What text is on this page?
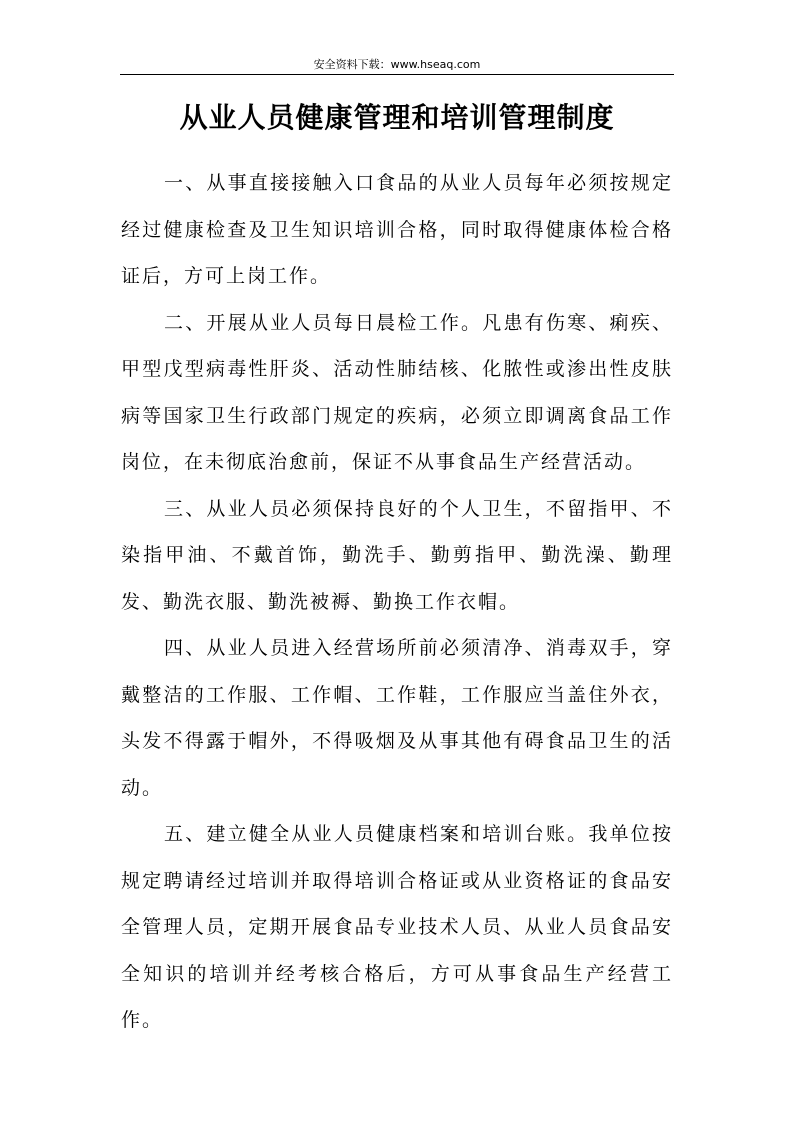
安全资料下载：www.hseaq.com
从业人员健康管理和培训管理制度

一、从事直接接触入口食品的从业人员每年必须按规定经过健康检查及卫生知识培训合格，同时取得健康体检合格证后，方可上岗工作。

二、开展从业人员每日晨检工作。凡患有伤寒、痢疾、甲型戊型病毒性肝炎、活动性肺结核、化脓性或渗出性皮肤病等国家卫生行政部门规定的疾病，必须立即调离食品工作岗位，在未彻底治愈前，保证不从事食品生产经营活动。

三、从业人员必须保持良好的个人卫生，不留指甲、不染指甲油、不戴首饰，勤洗手、勤剪指甲、勤洗澡、勤理发、勤洗衣服、勤洗被褥、勤换工作衣帽。

四、从业人员进入经营场所前必须清净、消毒双手，穿戴整洁的工作服、工作帽、工作鞋，工作服应当盖住外衣，头发不得露于帽外，不得吸烟及从事其他有碍食品卫生的活动。

五、建立健全从业人员健康档案和培训台账。我单位按规定聘请经过培训并取得培训合格证或从业资格证的食品安全管理人员，定期开展食品专业技术人员、从业人员食品安全知识的培训并经考核合格后，方可从事食品生产经营工作。
